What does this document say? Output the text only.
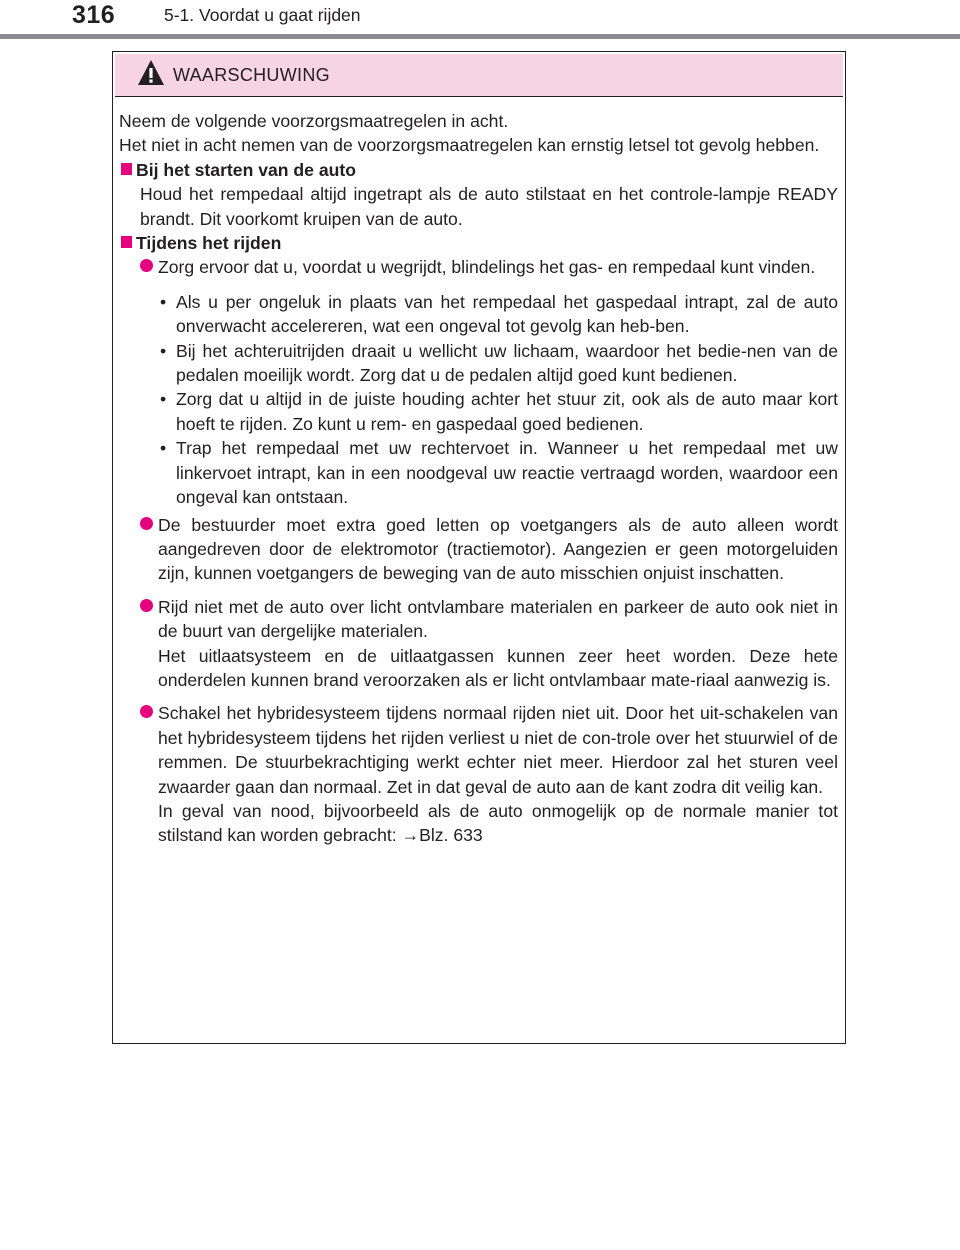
316	5-1. Voordat u gaat rijden
WAARSCHUWING

Neem de volgende voorzorgsmaatregelen in acht.

Het niet in acht nemen van de voorzorgsmaatregelen kan ernstig letsel tot gevolg hebben.

Bij het starten van de auto

Houd het rempedaal altijd ingetrapt als de auto stilstaat en het controle-lampje READY brandt. Dit voorkomt kruipen van de auto.

Tijdens het rijden

Zorg ervoor dat u, voordat u wegrijdt, blindelings het gas- en rempedaal kunt vinden.

• Als u per ongeluk in plaats van het rempedaal het gaspedaal intrapt, zal de auto onverwacht accelereren, wat een ongeval tot gevolg kan heb-ben.
• Bij het achteruitrijden draait u wellicht uw lichaam, waardoor het bedie-nen van de pedalen moeilijk wordt. Zorg dat u de pedalen altijd goed kunt bedienen.
• Zorg dat u altijd in de juiste houding achter het stuur zit, ook als de auto maar kort hoeft te rijden. Zo kunt u rem- en gaspedaal goed bedienen.
• Trap het rempedaal met uw rechtervoet in. Wanneer u het rempedaal met uw linkervoet intrapt, kan in een noodgeval uw reactie vertraagd worden, waardoor een ongeval kan ontstaan.

De bestuurder moet extra goed letten op voetgangers als de auto alleen wordt aangedreven door de elektromotor (tractiemotor). Aangezien er geen motorgeluiden zijn, kunnen voetgangers de beweging van de auto misschien onjuist inschatten.

Rijd niet met de auto over licht ontvlambare materialen en parkeer de auto ook niet in de buurt van dergelijke materialen.

Het uitlaatsysteem en de uitlaatgassen kunnen zeer heet worden. Deze hete onderdelen kunnen brand veroorzaken als er licht ontvlambaar mate-riaal aanwezig is.

Schakel het hybridesysteem tijdens normaal rijden niet uit. Door het uit-schakelen van het hybridesysteem tijdens het rijden verliest u niet de con-trole over het stuurwiel of de remmen. De stuurbekrachtiging werkt echter niet meer. Hierdoor zal het sturen veel zwaarder gaan dan normaal. Zet in dat geval de auto aan de kant zodra dit veilig kan.

In geval van nood, bijvoorbeeld als de auto onmogelijk op de normale manier tot stilstand kan worden gebracht: →Blz. 633
